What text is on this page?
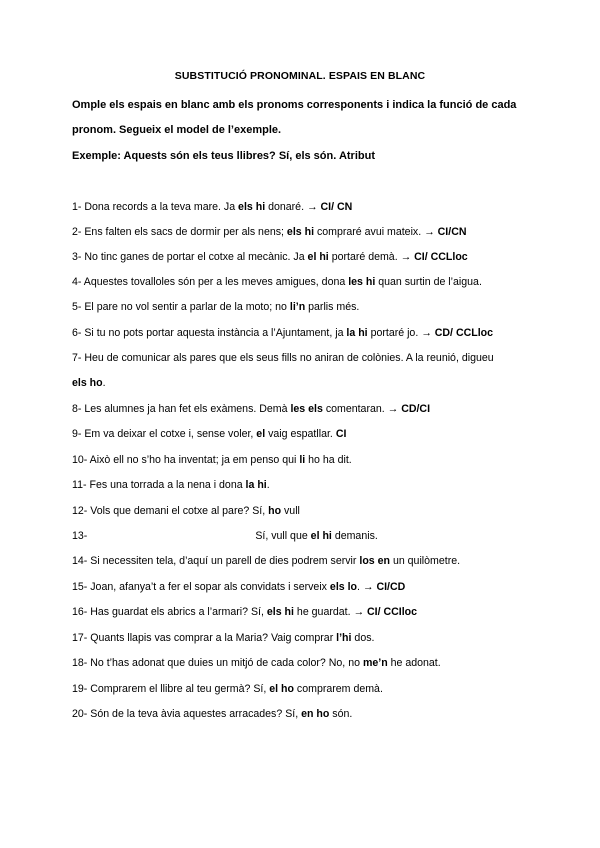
SUBSTITUCIÓ PRONOMINAL. ESPAIS EN BLANC
Omple els espais en blanc amb els pronoms corresponents i indica la funció de cada
pronom. Segueix el model de l’exemple.
Exemple: Aquests són els teus llibres? Sí, els són. Atribut
1- Dona records a la teva mare. Ja els hi donaré. → CI/ CN
2- Ens falten els sacs de dormir per als nens; els hi compraré avui mateix. → CI/CN
3- No tinc ganes de portar el cotxe al mecànic. Ja el hi portaré demà. → CI/ CCLloc
4- Aquestes tovalloles són per a les meves amigues, dona les hi quan surtin de l’aigua.
5- El pare no vol sentir a parlar de la moto; no li’n parlis més.
6- Si tu no pots portar aquesta instància a l’Ajuntament, ja la hi portaré jo. → CD/ CCLloc
7- Heu de comunicar als pares que els seus fills no aniran de colònies. A la reunió, digueu
els ho.
8- Les alumnes ja han fet els exàmens. Demà les els comentaran. → CD/CI
9- Em va deixar el cotxe i, sense voler, el vaig espatllar. CI
10- Això ell no s’ho ha inventat; ja em penso qui li ho ha dit.
11- Fes una torrada a la nena i dona la hi.
12- Vols que demani el cotxe al pare? Sí, ho vull
13-	Sí, vull que el hi demanis.
14- Si necessiten tela, d’aquí un parell de dies podrem servir los en un quilòmetre.
15- Joan, afanya’t a fer el sopar als convidats i serveix els lo. → CI/CD
16- Has guardat els abrics a l’armari? Sí, els hi he guardat. → CI/ CCIloc
17- Quants llapis vas comprar a la Maria? Vaig comprar l’hi dos.
18- No t’has adonat que duies un mitjó de cada color? No, no me’n he adonat.
19- Comprarem el llibre al teu germà? Sí, el ho comprarem demà.
20- Són de la teva àvia aquestes arracades? Sí, en ho són.
